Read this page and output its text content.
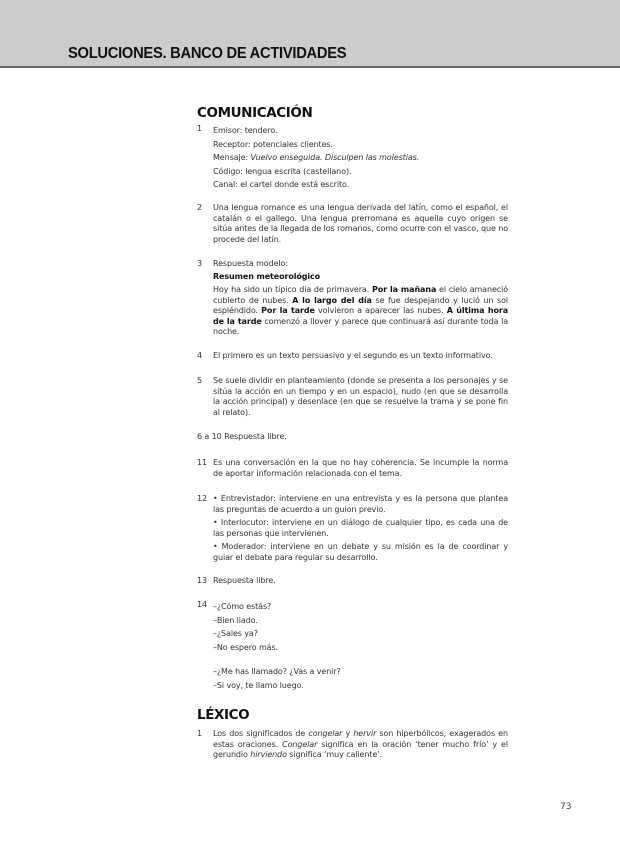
SOLUCIONES. BANCO DE ACTIVIDADES
COMUNICACIÓN
1 Emisor: tendero.

Receptor: potenciales clientes.

Mensaje: Vuelvo enseguida. Disculpen las molestias.

Código: lengua escrita (castellano).

Canal: el cartel donde está escrito.

2 Una lengua romance es una lengua derivada del latín, como el español, el catalán o el gallego. Una lengua prerromana es aquella cuyo origen se sitúa antes de la llegada de los romanos, como ocurre con el vasco, que no procede del latín.

3 Respuesta modelo:

Resumen meteorológico

Hoy ha sido un típico día de primavera. Por la mañana el cielo amaneció cubierto de nubes. A lo largo del día se fue despejando y lució un sol espléndido. Por la tarde volvieron a aparecer las nubes. A última hora de la tarde comenzó a llover y parece que continuará así durante toda la noche.

4 El primero es un texto persuasivo y el segundo es un texto informativo.

5 Se suele dividir en planteamiento (donde se presenta a los personajes y se sitúa la acción en un tiempo y en un espacio), nudo (en que se desarrolla la acción principal) y desenlace (en que se resuelve la trama y se pone fin al relato).

6 a 10 Respuesta libre.

11 Es una conversación en la que no hay coherencia. Se incumple la norma de aportar información relacionada con el tema.

12 • Entrevistador: interviene en una entrevista y es la persona que plantea las preguntas de acuerdo a un guion previo.

• Interlocutor: interviene en un diálogo de cualquier tipo, es cada una de las personas que intervienen.

• Moderador: interviene en un debate y su misión es la de coordinar y guiar el debate para regular su desarrollo.

13 Respuesta libre.

14 –¿Cómo estás?

–Bien liado.

–¿Sales ya?

–No espero más.

–¿Me has llamado? ¿Vas a venir?

–Si voy, te llamo luego.

LÉXICO
1 Los dos significados de congelar y hervir son hiperbólicos, exagerados en estas oraciones. Congelar significa en la oración ‘tener mucho frío’ y el gerundio hirviendo significa ‘muy caliente’.

73
